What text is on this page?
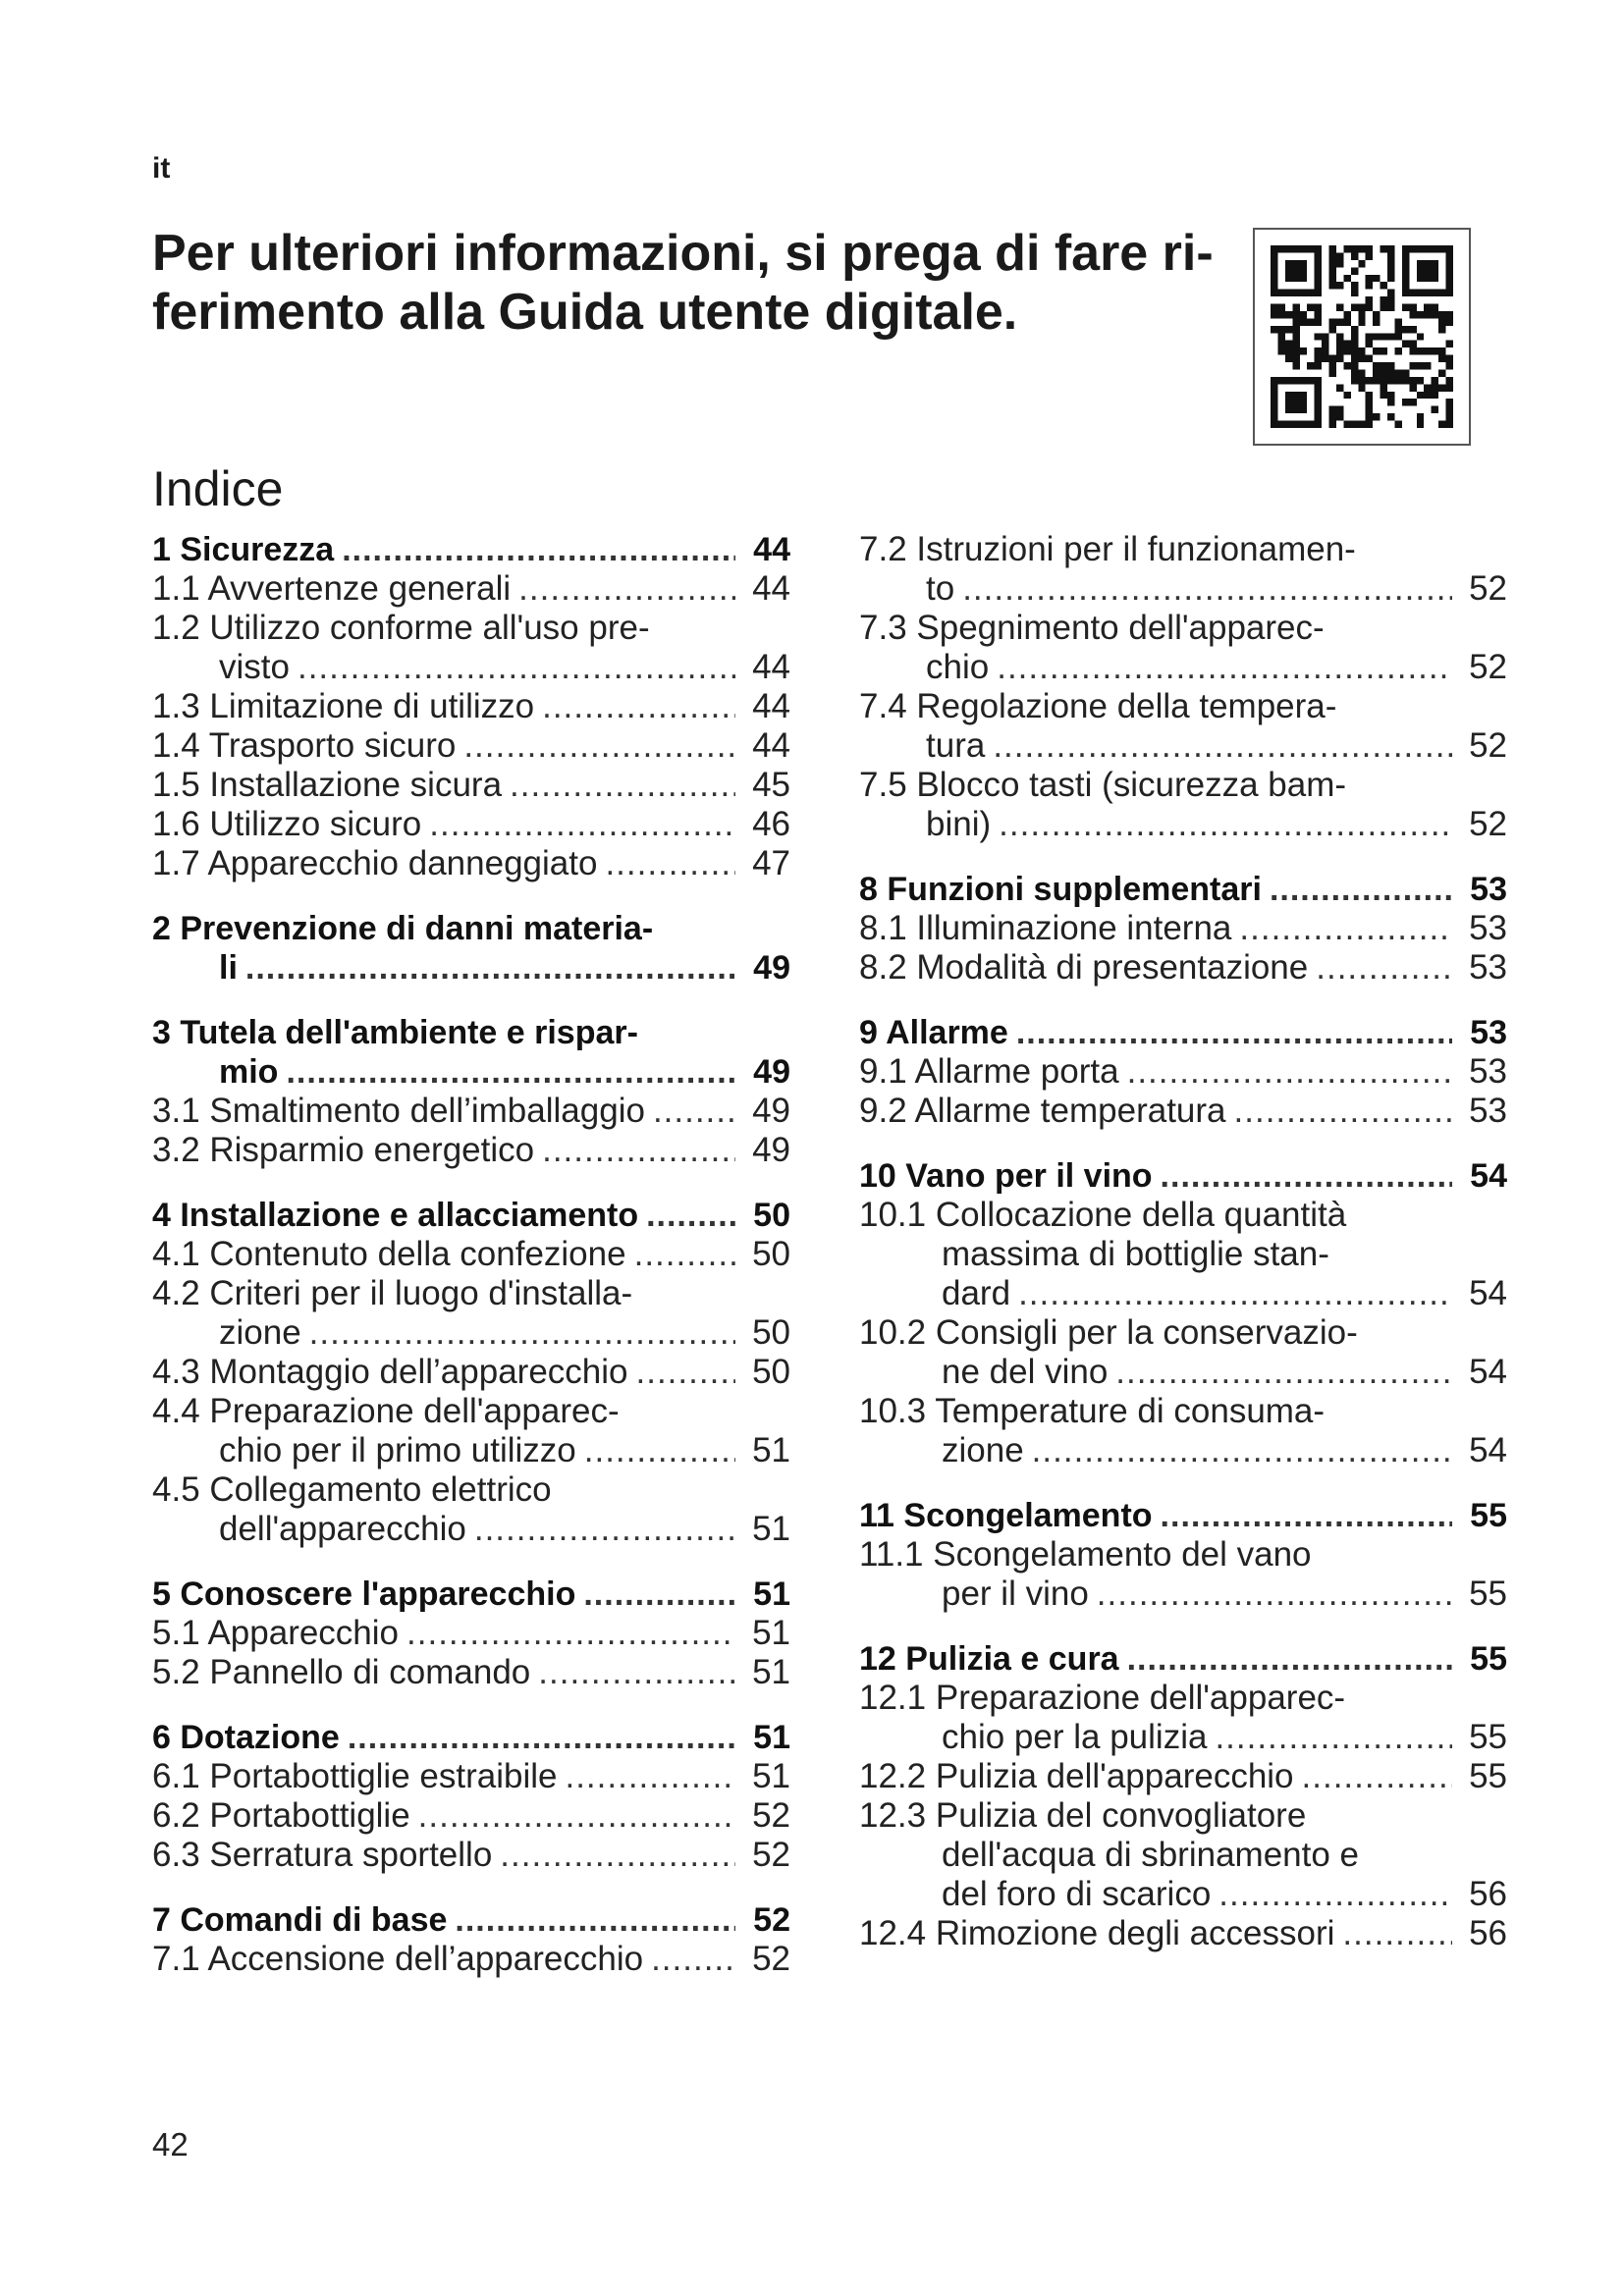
it
Per ulteriori informazioni, si prega di fare ri-
ferimento alla Guida utente digitale.
Indice
1 Sicurezza .....	44
1.1 Avvertenze generali .....	44
1.2 Utilizzo conforme all'uso pre-
visto .....	44
1.3 Limitazione di utilizzo .....	44
1.4 Trasporto sicuro .....	44
1.5 Installazione sicura .....	45
1.6 Utilizzo sicuro .....	46
1.7 Apparecchio danneggiato .....	47
2 Prevenzione di danni materia-
li .....	49
3 Tutela dell'ambiente e rispar-
mio .....	49
3.1 Smaltimento dell’imballaggio .....	49
3.2 Risparmio energetico .....	49
4 Installazione e allacciamento .....	50
4.1 Contenuto della confezione .....	50
4.2 Criteri per il luogo d'installa-
zione .....	50
4.3 Montaggio dell’apparecchio .....	50
4.4 Preparazione dell'apparec-
chio per il primo utilizzo .....	51
4.5 Collegamento elettrico
dell'apparecchio .....	51
5 Conoscere l'apparecchio .....	51
5.1 Apparecchio .....	51
5.2 Pannello di comando .....	51
6 Dotazione .....	51
6.1 Portabottiglie estraibile .....	51
6.2 Portabottiglie .....	52
6.3 Serratura sportello .....	52
7 Comandi di base .....	52
7.1 Accensione dell’apparecchio .....	52
7.2 Istruzioni per il funzionamen-
to .....	52
7.3 Spegnimento dell'apparec-
chio .....	52
7.4 Regolazione della tempera-
tura .....	52
7.5 Blocco tasti (sicurezza bam-
bini) .....	52
8 Funzioni supplementari .....	53
8.1 Illuminazione interna .....	53
8.2 Modalità di presentazione .....	53
9 Allarme .....	53
9.1 Allarme porta .....	53
9.2 Allarme temperatura .....	53
10 Vano per il vino .....	54
10.1 Collocazione della quantità
massima di bottiglie stan-
dard .....	54
10.2 Consigli per la conservazio-
ne del vino .....	54
10.3 Temperature di consuma-
zione .....	54
11 Scongelamento .....	55
11.1 Scongelamento del vano
per il vino .....	55
12 Pulizia e cura .....	55
12.1 Preparazione dell'apparec-
chio per la pulizia .....	55
12.2 Pulizia dell'apparecchio .....	55
12.3 Pulizia del convogliatore
dell'acqua di sbrinamento e
del foro di scarico .....	56
12.4 Rimozione degli accessori .....	56
42
